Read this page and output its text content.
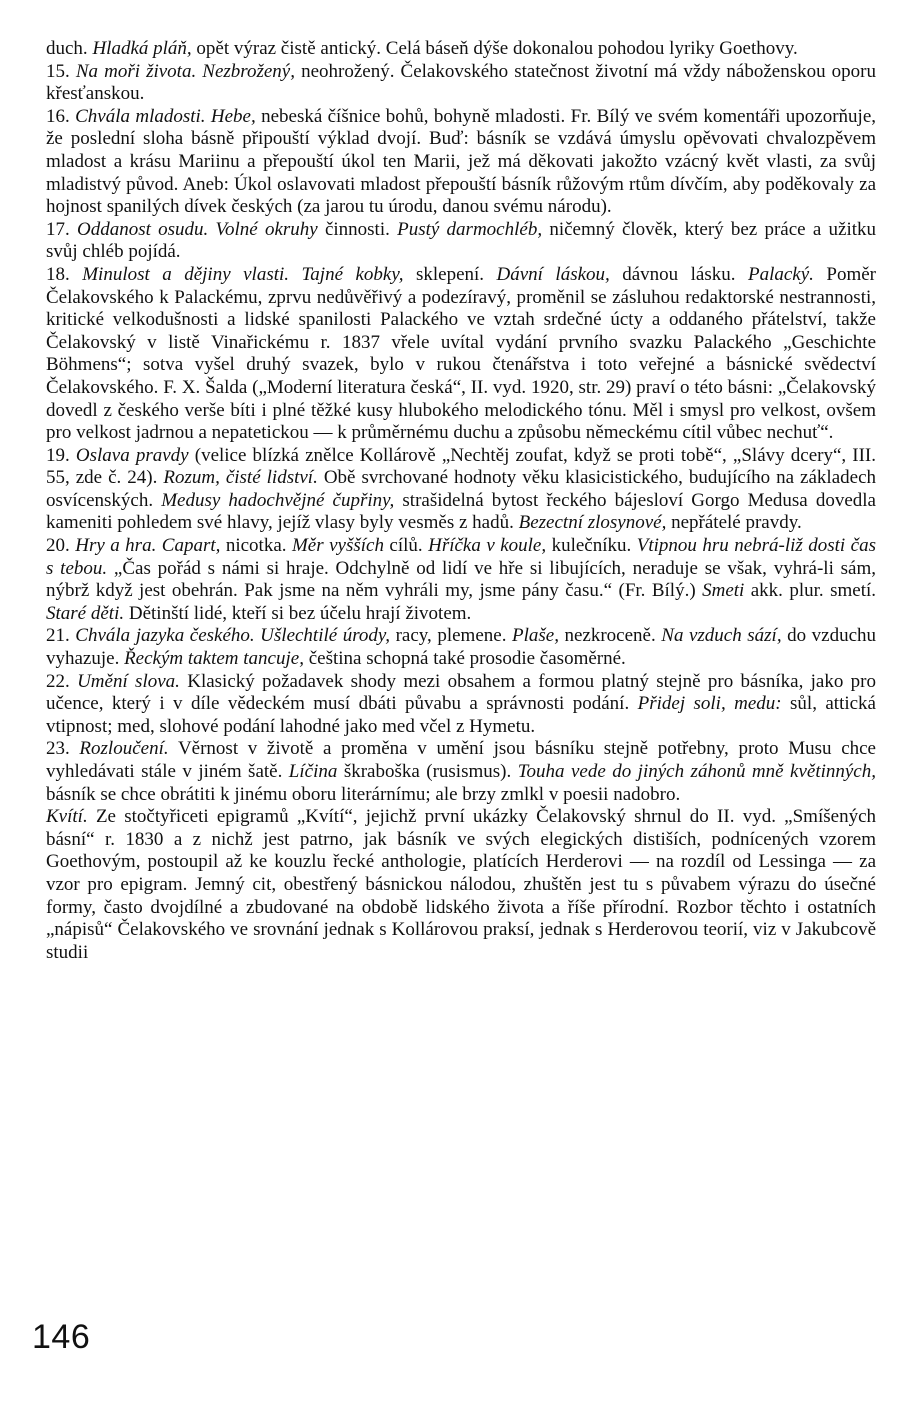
duch. Hladká pláň, opět výraz čistě antický. Celá báseň dýše dokonalou pohodou lyriky Goethovy.

15. Na moři života. Nezbrožený, neohrožený. Čelakovského statečnost životní má vždy náboženskou oporu křesťanskou.

16. Chvála mladosti. Hebe, nebeská číšnice bohů, bohyně mladosti. Fr. Bílý ve svém komentáři upozorňuje, že poslední sloha básně připouští výklad dvojí. Buď: básník se vzdává úmyslu opěvovati chvalozpěvem mladost a krásu Mariinu a přepouští úkol ten Marii, jež má děkovati jakožto vzácný květ vlasti, za svůj mladistvý původ. Aneb: Úkol oslavovati mladost přepouští básník růžovým rtům dívčím, aby poděkovaly za hojnost spanilých dívek českých (za jarou tu úrodu, danou svému národu).

17. Oddanost osudu. Volné okruhy činnosti. Pustý darmochléb, ničemný člověk, který bez práce a užitku svůj chléb pojídá.

18. Minulost a dějiny vlasti. Tajné kobky, sklepení. Dávní láskou, dávnou lásku. Palacký. Poměr Čelakovského k Palackému, zprvu nedůvěřivý a podezíravý, proměnil se zásluhou redaktorské nestrannosti, kritické velkodušnosti a lidské spanilosti Palackého ve vztah srdečné úcty a oddaného přátelství, takže Čelakovský v listě Vinařickému r. 1837 vřele uvítal vydání prvního svazku Palackého „Geschichte Böhmens“; sotva vyšel druhý svazek, bylo v rukou čtenářstva i toto veřejné a básnické svědectví Čelakovského. F. X. Šalda („Moderní literatura česká“, II. vyd. 1920, str. 29) praví o této básni: „Čelakovský dovedl z českého verše bíti i plné těžké kusy hlubokého melodického tónu. Měl i smysl pro velkost, ovšem pro velkost jadrnou a nepatetickou — k průměrnému duchu a způsobu německému cítil vůbec nechuť“.

19. Oslava pravdy (velice blízká znělce Kollárově „Nechtěj zoufat, když se proti tobě“, „Slávy dcery“, III. 55, zde č. 24). Rozum, čisté lidství. Obě svrchované hodnoty věku klasicistického, budujícího na základech osvícenských. Medusy hadochvějné čupřiny, strašidelná bytost řeckého bájesloví Gorgo Medusa dovedla kameniti pohledem své hlavy, jejíž vlasy byly vesměs z hadů. Bezectní zlosynové, nepřátelé pravdy.

20. Hry a hra. Capart, nicotka. Měr vyšších cílů. Hříčka v koule, kulečníku. Vtipnou hru nebrá-liž dosti čas s tebou. „Čas pořád s námi si hraje. Odchylně od lidí ve hře si libujících, neraduje se však, vyhrá-li sám, nýbrž když jest obehrán. Pak jsme na něm vyhráli my, jsme pány času.“ (Fr. Bílý.) Smeti akk. plur. smetí. Staré děti. Dětinští lidé, kteří si bez účelu hrají životem.

21. Chvála jazyka českého. Ušlechtilé úrody, racy, plemene. Plaše, nezkroceně. Na vzduch sází, do vzduchu vyhazuje. Řeckým taktem tancuje, čeština schopná také prosodie časoměrné.

22. Umění slova. Klasický požadavek shody mezi obsahem a formou platný stejně pro básníka, jako pro učence, který i v díle vědeckém musí dbáti půvabu a správnosti podání. Přidej soli, medu: sůl, attická vtipnost; med, slohové podání lahodné jako med včel z Hymetu.

23. Rozloučení. Věrnost v životě a proměna v umění jsou básníku stejně potřebny, proto Musu chce vyhledávati stále v jiném šatě. Líčina škraboška (rusismus). Touha vede do jiných záhonů mně květinných, básník se chce obrátiti k jinému oboru literárnímu; ale brzy zmlkl v poesii nadobro.

Kvítí. Ze stočtyřiceti epigramů „Kvítí“, jejichž první ukázky Čelakovský shrnul do II. vyd. „Smíšených básní“ r. 1830 a z nichž jest patrno, jak básník ve svých elegických distiších, podnícených vzorem Goethovým, postoupil až ke kouzlu řecké anthologie, platících Herderovi — na rozdíl od Lessinga — za vzor pro epigram. Jemný cit, obestřený básnickou nálodou, zhuštěn jest tu s půvabem výrazu do úsečné formy, často dvojdílné a zbudované na obdobě lidského života a říše přírodní. Rozbor těchto i ostatních „nápisů“ Čelakovského ve srovnání jednak s Kollárovou praksí, jednak s Herderovou teorií, viz v Jakubcově studii

146
